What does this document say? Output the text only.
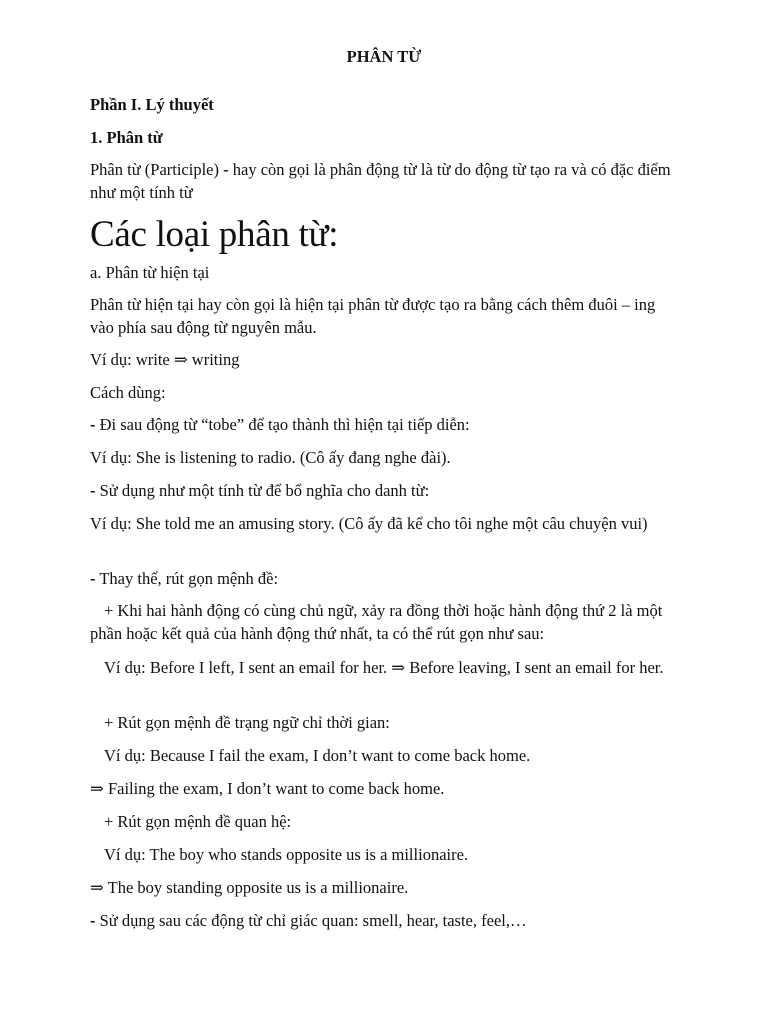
PHÂN TỪ
Phần I. Lý thuyết
1. Phân từ
Phân từ (Participle) - hay còn gọi là phân động từ là từ do động từ tạo ra và có đặc điểm như một tính từ
Các loại phân từ:
a. Phân từ hiện tại
Phân từ hiện tại hay còn gọi là hiện tại phân từ được tạo ra bằng cách thêm đuôi – ing vào phía sau động từ nguyên mẫu.
Ví dụ: write ⇒ writing
Cách dùng:
- Đi sau động từ “tobe” để tạo thành thì hiện tại tiếp diễn:
Ví dụ: She is listening to radio. (Cô ấy đang nghe đài).
- Sử dụng như một tính từ để bổ nghĩa cho danh từ:
Ví dụ: She told me an amusing story. (Cô ấy đã kể cho tôi nghe một câu chuyện vui)
- Thay thế, rút gọn mệnh đề:
+ Khi hai hành động có cùng chủ ngữ, xảy ra đồng thời hoặc hành động thứ 2 là một phần hoặc kết quả của hành động thứ nhất, ta có thể rút gọn như sau:
Ví dụ: Before I left, I sent an email for her. ⇒ Before leaving, I sent an email for her.
+ Rút gọn mệnh đề trạng ngữ chỉ thời gian:
Ví dụ: Because I fail the exam, I don’t want to come back home.
⇒ Failing the exam, I don’t want to come back home.
+ Rút gọn mệnh đề quan hệ:
Ví dụ: The boy who stands opposite us is a millionaire.
⇒ The boy standing opposite us is a millionaire.
- Sử dụng sau các động từ chỉ giác quan: smell, hear, taste, feel,…
